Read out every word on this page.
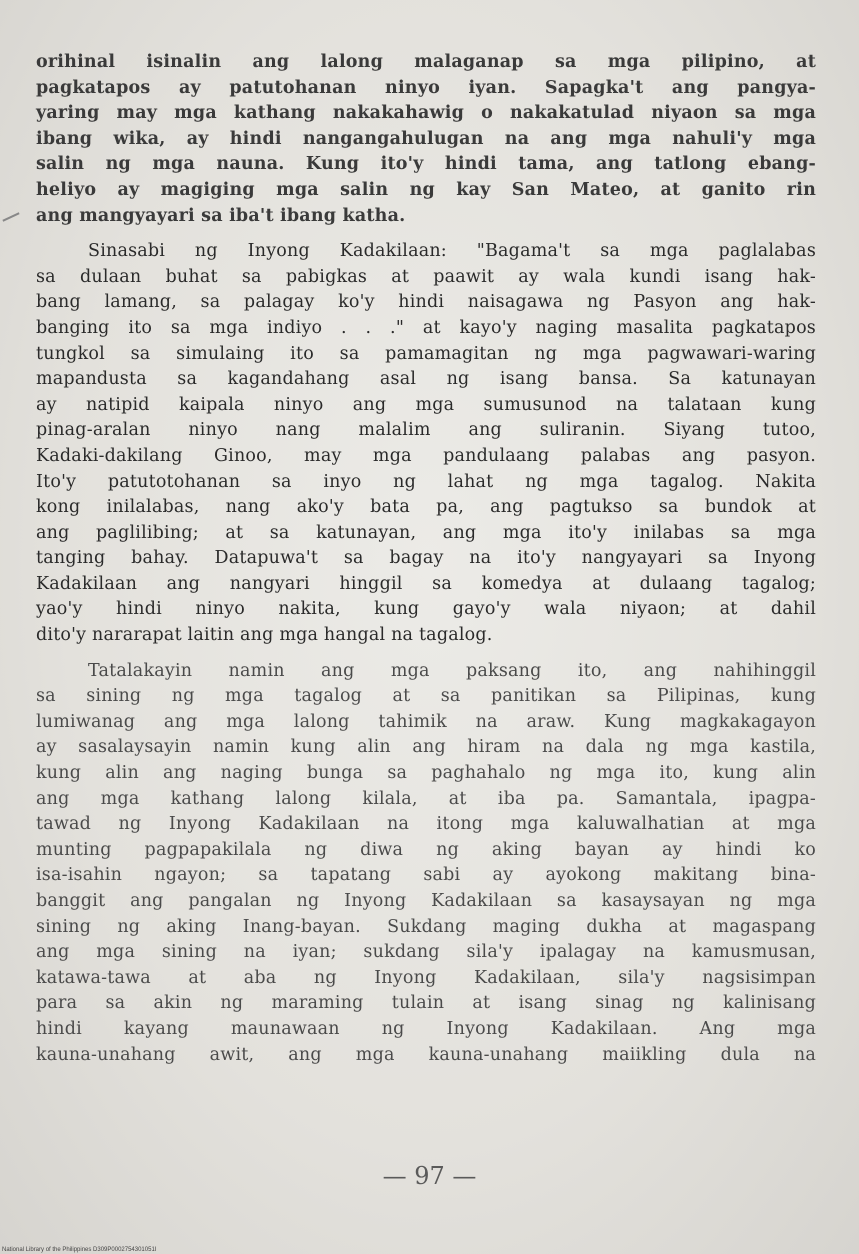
orihinal isinalin ang lalong malaganap sa mga pilipino, at
pagkatapos ay patutohanan ninyo iyan. Sapagka't ang pangya-
yaring may mga kathang nakakahawig o nakakatulad niyaon sa mga
ibang wika, ay hindi nangangahulugan na ang mga nahuli'y mga
salin ng mga nauna. Kung ito'y hindi tama, ang tatlong ebang-
heliyo ay magiging mga salin ng kay San Mateo, at ganito rin
ang mangyayari sa iba't ibang katha.
Sinasabi ng Inyong Kadakilaan: "Bagama't sa mga paglalabas
sa dulaan buhat sa pabigkas at paawit ay wala kundi isang hak-
bang lamang, sa palagay ko'y hindi naisagawa ng Pasyon ang hak-
banging ito sa mga indiyo . . ." at kayo'y naging masalita pagkatapos
tungkol sa simulaing ito sa pamamagitan ng mga pagwawari-waring
mapandusta sa kagandahang asal ng isang bansa. Sa katunayan
ay natipid kaipala ninyo ang mga sumusunod na talataan kung
pinag-aralan ninyo nang malalim ang suliranin. Siyang tutoo,
Kadaki-dakilang Ginoo, may mga pandulaang palabas ang pasyon.
Ito'y patutotohanan sa inyo ng lahat ng mga tagalog. Nakita
kong inilalabas, nang ako'y bata pa, ang pagtukso sa bundok at
ang paglilibing; at sa katunayan, ang mga ito'y inilabas sa mga
tanging bahay. Datapuwa't sa bagay na ito'y nangyayari sa Inyong
Kadakilaan ang nangyari hinggil sa komedya at dulaang tagalog;
yao'y hindi ninyo nakita, kung gayo'y wala niyaon; at dahil
dito'y nararapat laitin ang mga hangal na tagalog.
Tatalakayin namin ang mga paksang ito, ang nahihinggil
sa sining ng mga tagalog at sa panitikan sa Pilipinas, kung
lumiwanag ang mga lalong tahimik na araw. Kung magkakagayon
ay sasalaysayin namin kung alin ang hiram na dala ng mga kastila,
kung alin ang naging bunga sa paghahalo ng mga ito, kung alin
ang mga kathang lalong kilala, at iba pa. Samantala, ipagpa-
tawad ng Inyong Kadakilaan na itong mga kaluwalhatian at mga
munting pagpapakilala ng diwa ng aking bayan ay hindi ko
isa-isahin ngayon; sa tapatang sabi ay ayokong makitang bina-
banggit ang pangalan ng Inyong Kadakilaan sa kasaysayan ng mga
sining ng aking Inang-bayan. Sukdang maging dukha at magaspang
ang mga sining na iyan; sukdang sila'y ipalagay na kamusmusan,
katawa-tawa at aba ng Inyong Kadakilaan, sila'y nagsisimpan
para sa akin ng maraming tulain at isang sinag ng kalinisang
hindi kayang maunawaan ng Inyong Kadakilaan. Ang mga
kauna-unahang awit, ang mga kauna-unahang maiikling dula na
— 97 —
National Library of the Philippines D309P0002754301051I
